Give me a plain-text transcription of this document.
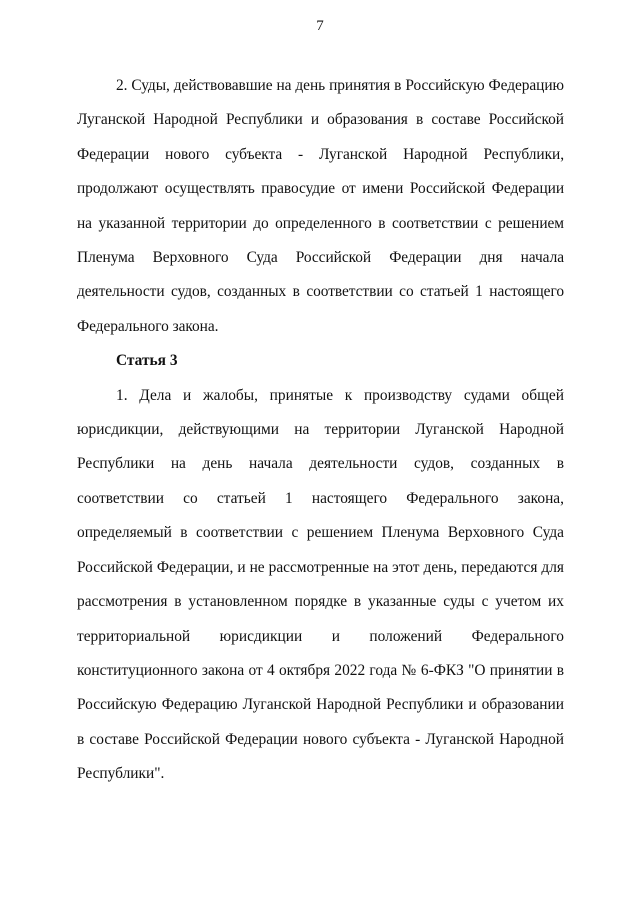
7

2. Суды, действовавшие на день принятия в Российскую Федерацию Луганской Народной Республики и образования в составе Российской Федерации нового субъекта - Луганской Народной Республики, продолжают осуществлять правосудие от имени Российской Федерации на указанной территории до определенного в соответствии с решением Пленума Верховного Суда Российской Федерации дня начала деятельности судов, созданных в соответствии со статьей 1 настоящего Федерального закона.

Статья 3

1. Дела и жалобы, принятые к производству судами общей юрисдикции, действующими на территории Луганской Народной Республики на день начала деятельности судов, созданных в соответствии со статьей 1 настоящего Федерального закона, определяемый в соответствии с решением Пленума Верховного Суда Российской Федерации, и не рассмотренные на этот день, передаются для рассмотрения в установленном порядке в указанные суды с учетом их территориальной юрисдикции и положений Федерального конституционного закона от 4 октября 2022 года № 6-ФКЗ "О принятии в Российскую Федерацию Луганской Народной Республики и образовании в составе Российской Федерации нового субъекта - Луганской Народной Республики".
